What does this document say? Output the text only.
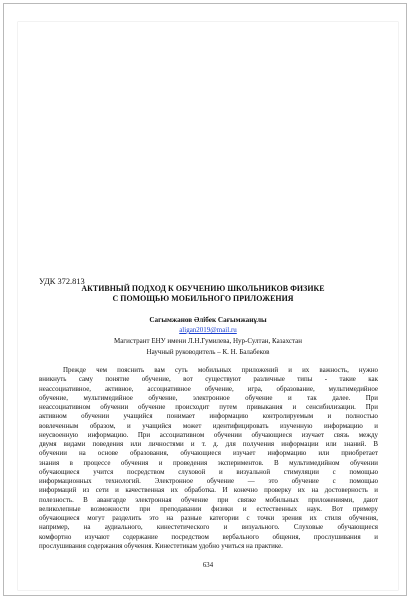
УДК 372.813
АКТИВНЫЙ ПОДХОД К ОБУЧЕНИЮ ШКОЛЬНИКОВ ФИЗИКЕ
С ПОМОЩЬЮ МОБИЛЬНОГО ПРИЛОЖЕНИЯ
Сагымжанов Әлібек Сағымжанұлы
aligan2019@mail.ru
Магистрант ЕНУ имени Л.Н.Гумилева, Нур-Султан, Казахстан
Научный руководитель – К. Н. Балабеков
Прежде чем пояснить вам суть мобильных приложений и их важность, нужно
вникнуть саму понятие обучение, вот существуют различные типы - такие как
неассоциативное, активное, ассоциативное обучение, игра, образование, мультимедийное
обучение, мультимедийное обучение, электронное обучение и так далее. При
неассоциативном обучении обучение происходит путем привыкания и сенсибилизации. При
активном обучении учащийся понимает информацию контролируемым и полностью
вовлеченным образом, и учащийся может идентифицировать изученную информацию и
неусвоенную информацию. При ассоциативном обучении обучающиеся изучает связь между
двумя видами поведения или личностями и т. д. для получения информации или знаний. В
обучении на основе образования, обучающиеся изучает информацию или приобретает
знания в процессе обучения и проведения экспериментов. В мультимедийном обучении
обучающиеся учится посредством слуховой и визуальной стимуляции с помощью
информационных технологий. Электронное обучение — это обучение с помощью
информаций из сети и качественная их обработка. И конечно проверку их на достоверность и
полезность. В авангарде электронная обучение при связке мобильных приложениями, дают
великолепные возможности при преподавании физики и естественных наук. Вот примеру
обучающиеся могут разделить это на разные категории с точки зрения их стиля обучения,
например, на аудиального, кинестетического и визуального. Слуховые обучающиеся
комфортно изучают содержание посредством вербального общения, прослушивания и
прослушивания содержания обучения. Кинестетикам удобно учиться на практике.
634
